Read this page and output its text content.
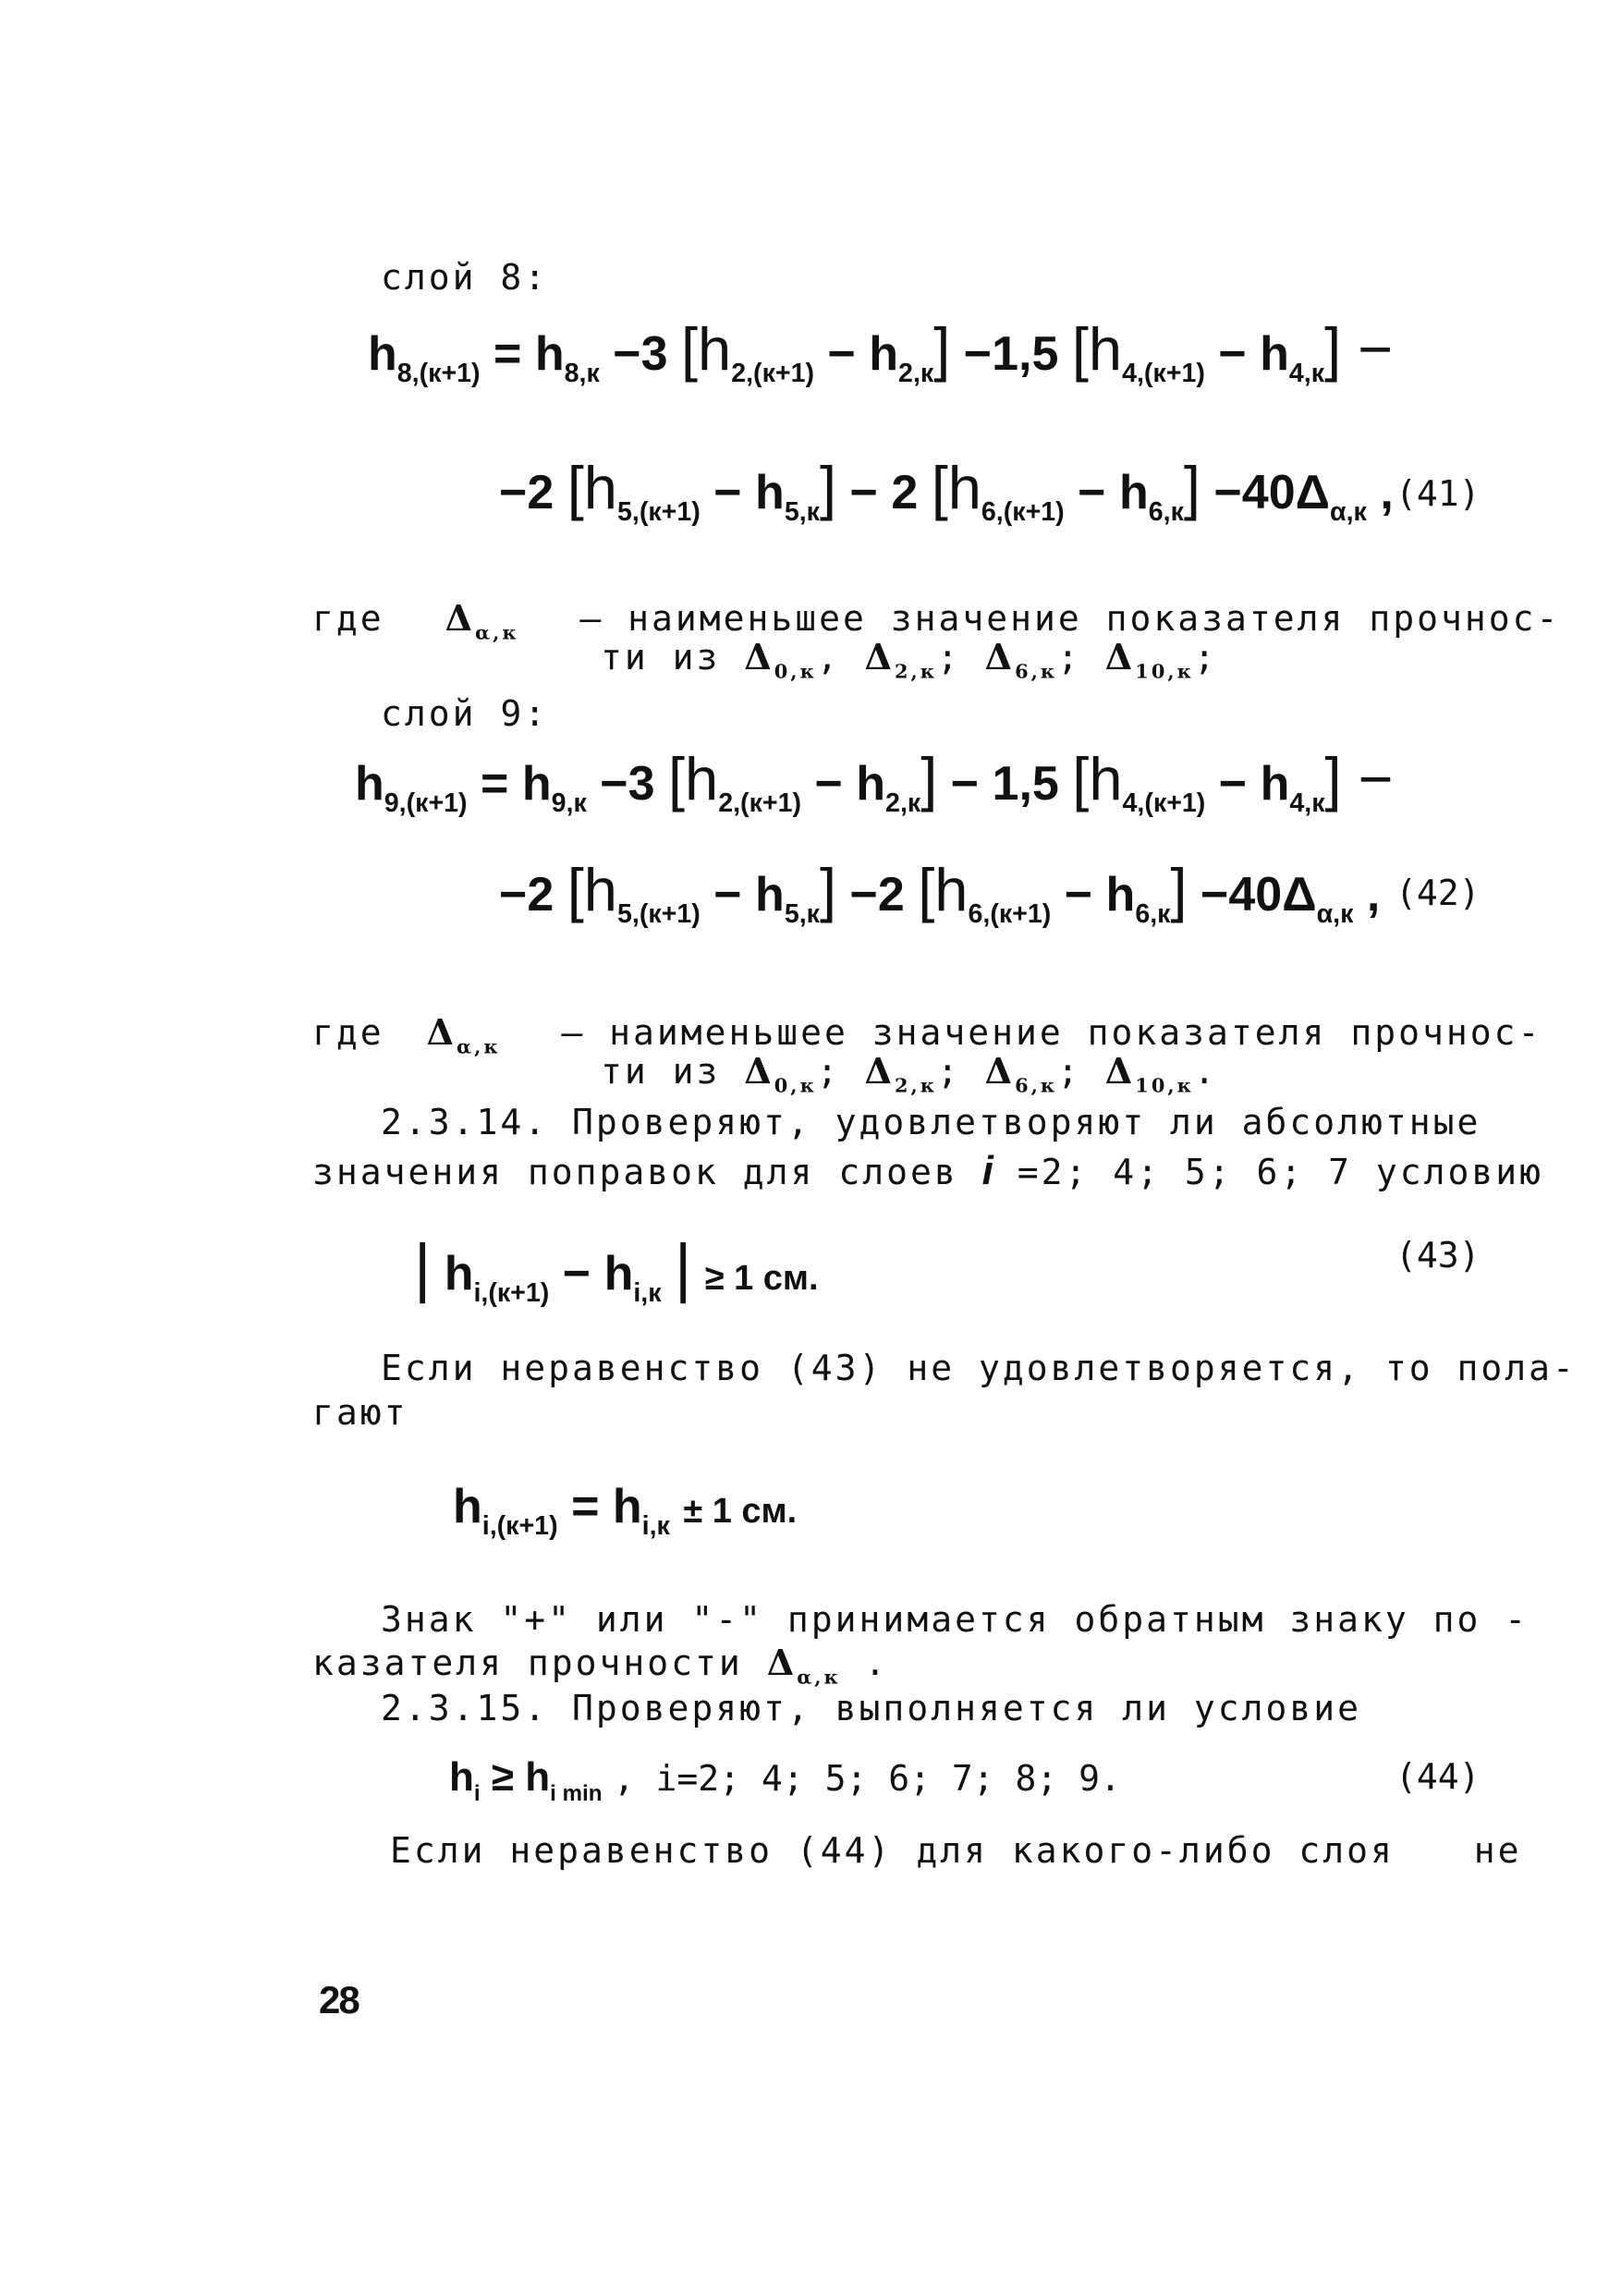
слой 8:
$h_{8,(к+1)} = h_{8,к} -3$ $[h_{2,(к+1)} - h_{2,к}] -1,5$ $[h_{4,(к+1)} - h_{4,к}]$ −
−2 $[h_{5,(к+1)} - h_{5,к}] - 2$ $[h_{6,(к+1)} - h_{6,к}] -40\Delta_{\alpha,к}$ , (41)
где $\Delta_{\alpha,к}$ – наименьшее значение показателя прочнос-
ти из $\Delta_{0,к}$, $\Delta_{2,к}$; $\Delta_{6,к}$; $\Delta_{10,к}$;
слой 9:
$h_{9,(к+1)} = h_{9,к} -3$ $[h_{2,(к+1)} - h_{2,к}] - 1,5$ $[h_{4,(к+1)} - h_{4,к}]$ −
−2 $[h_{5,(к+1)} - h_{5,к}] -2$ $[h_{6,(к+1)} - h_{6,к}] -40\Delta_{\alpha,к}$ , (42)
где $\Delta_{\alpha,к}$ – наименьшее значение показателя прочнос-
ти из $\Delta_{0,к}$; $\Delta_{2,к}$; $\Delta_{6,к}$; $\Delta_{10,к}$.
2.3.14. Проверяют, удовлетворяют ли абсолютные
значения поправок для слоев i =2; 4; 5; 6; 7 условию
| $h_{i,(к+1)} - h_{i,к}$ | ≥ 1 см.
(43)
Если неравенство (43) не удовлетворяется, то пола-
гают
$h_{i,(к+1)} = h_{i,к} \pm 1$ см.
Знак "+" или "-" принимается обратным знаку по -
казателя прочности $\Delta_{\alpha,к}$ .
2.3.15. Проверяют, выполняется ли условие
$h_i \ge h_{i min}$ , i=2; 4; 5; 6; 7; 8; 9.	(44)
Если неравенство (44) для какого-либо слоя не
28
